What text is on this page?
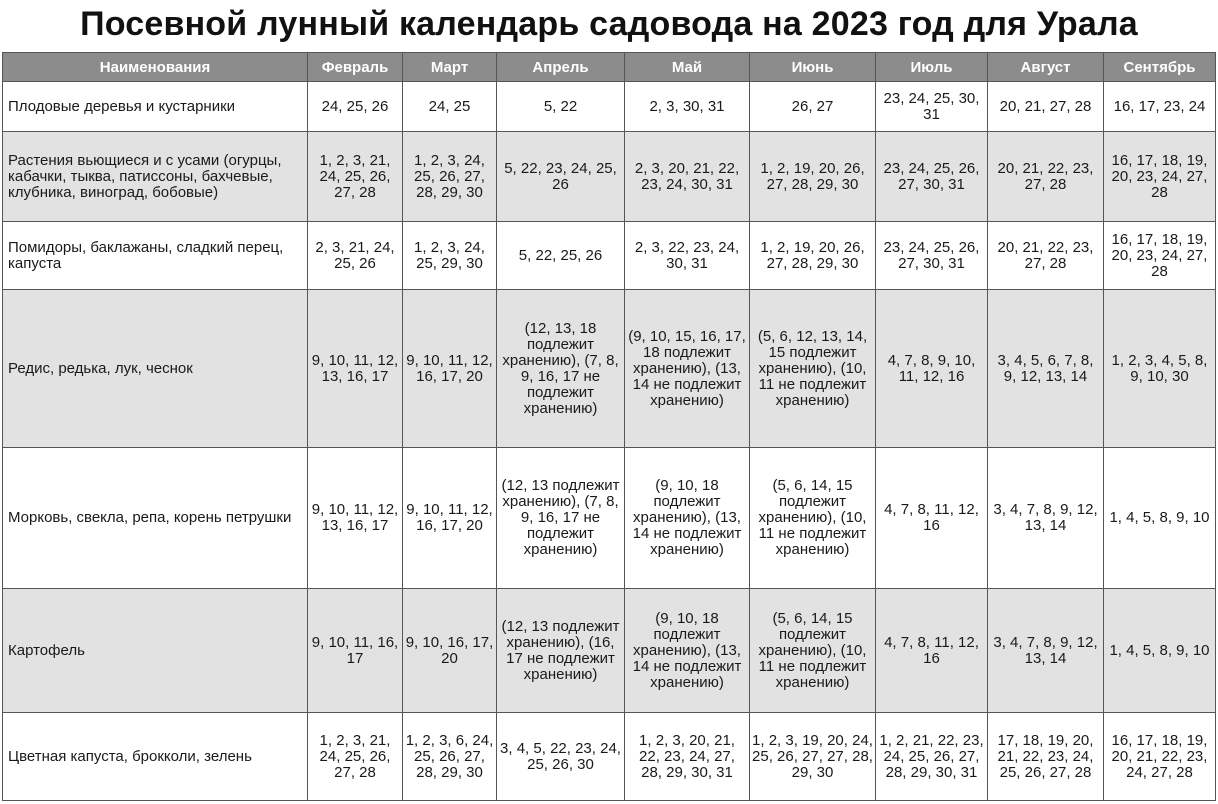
Посевной лунный календарь садовода на 2023 год для Урала
Наименования	Февраль	Март	Апрель	Май	Июнь	Июль	Август	Сентябрь
Плодовые деревья и кустарники	24, 25, 26	24, 25	5, 22	2, 3, 30, 31	26, 27	23, 24, 25, 30, 31	20, 21, 27, 28	16, 17, 23, 24
Растения вьющиеся и с усами (огурцы, кабачки, тыква, патиссоны, бахчевые, клубника, виноград, бобовые)	1, 2, 3, 21, 24, 25, 26, 27, 28	1, 2, 3, 24, 25, 26, 27, 28, 29, 30	5, 22, 23, 24, 25, 26	2, 3, 20, 21, 22, 23, 24, 30, 31	1, 2, 19, 20, 26, 27, 28, 29, 30	23, 24, 25, 26, 27, 30, 31	20, 21, 22, 23, 27, 28	16, 17, 18, 19, 20, 23, 24, 27, 28
Помидоры, баклажаны, сладкий перец, капуста	2, 3, 21, 24, 25, 26	1, 2, 3, 24, 25, 29, 30	5, 22, 25, 26	2, 3, 22, 23, 24, 30, 31	1, 2, 19, 20, 26, 27, 28, 29, 30	23, 24, 25, 26, 27, 30, 31	20, 21, 22, 23, 27, 28	16, 17, 18, 19, 20, 23, 24, 27, 28
Редис, редька, лук, чеснок	9, 10, 11, 12, 13, 16, 17	9, 10, 11, 12, 16, 17, 20	(12, 13, 18 подлежит хранению), (7, 8, 9, 16, 17 не подлежит хранению)	(9, 10, 15, 16, 17, 18 подлежит хранению), (13, 14 не подлежит хранению)	(5, 6, 12, 13, 14, 15 подлежит хранению), (10, 11 не подлежит хранению)	4, 7, 8, 9, 10, 11, 12, 16	3, 4, 5, 6, 7, 8, 9, 12, 13, 14	1, 2, 3, 4, 5, 8, 9, 10, 30
Морковь, свекла, репа, корень петрушки	9, 10, 11, 12, 13, 16, 17	9, 10, 11, 12, 16, 17, 20	(12, 13 подлежит хранению), (7, 8, 9, 16, 17 не подлежит хранению)	(9, 10, 18 подлежит хранению), (13, 14 не подлежит хранению)	(5, 6, 14, 15 подлежит хранению), (10, 11 не подлежит хранению)	4, 7, 8, 11, 12, 16	3, 4, 7, 8, 9, 12, 13, 14	1, 4, 5, 8, 9, 10
Картофель	9, 10, 11, 16, 17	9, 10, 16, 17, 20	(12, 13 подлежит хранению), (16, 17 не подлежит хранению)	(9, 10, 18 подлежит хранению), (13, 14 не подлежит хранению)	(5, 6, 14, 15 подлежит хранению), (10, 11 не подлежит хранению)	4, 7, 8, 11, 12, 16	3, 4, 7, 8, 9, 12, 13, 14	1, 4, 5, 8, 9, 10
Цветная капуста, брокколи, зелень	1, 2, 3, 21, 24, 25, 26, 27, 28	1, 2, 3, 6, 24, 25, 26, 27, 28, 29, 30	3, 4, 5, 22, 23, 24, 25, 26, 30	1, 2, 3, 20, 21, 22, 23, 24, 27, 28, 29, 30, 31	1, 2, 3, 19, 20, 24, 25, 26, 27, 27, 28, 29, 30	1, 2, 21, 22, 23, 24, 25, 26, 27, 28, 29, 30, 31	17, 18, 19, 20, 21, 22, 23, 24, 25, 26, 27, 28	16, 17, 18, 19, 20, 21, 22, 23, 24, 27, 28
